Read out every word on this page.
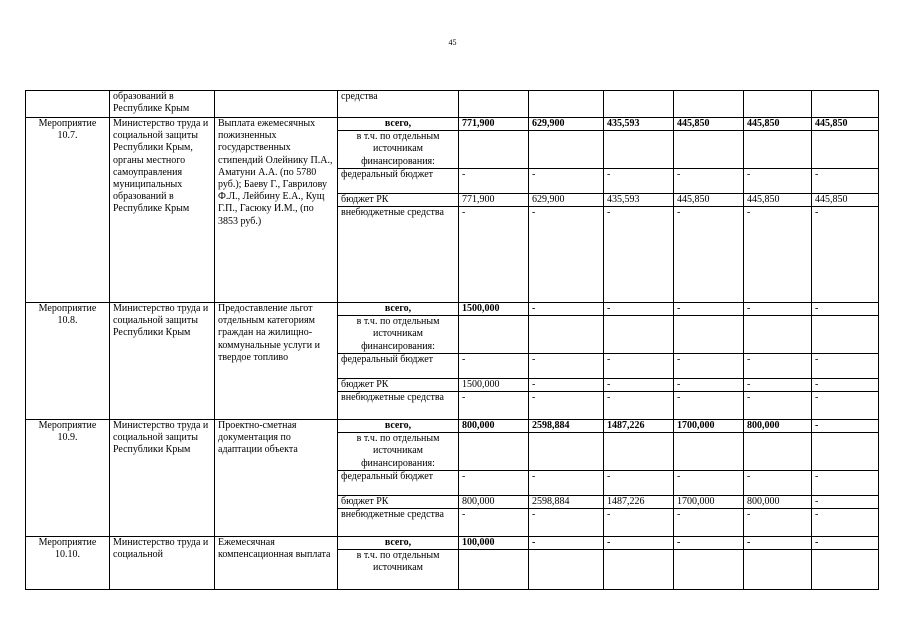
45
	образований в Республике Крым		средства						
Мероприятие 10.7.	Министерство труда и социальной защиты Республики Крым, органы местного самоуправления муниципальных образований в Республике Крым	Выплата ежемесячных пожизненных государственных стипендий Олейнику П.А., Аматуни А.А. (по 5780 руб.); Баеву Г., Гаврилову Ф.Л., Лейбину Е.А., Кущ Г.П., Гасюку И.М., (по 3853 руб.)	всего,	771,900	629,900	435,593	445,850	445,850	445,850
			в т.ч. по отдельным источникам финансирования:						
			федеральный бюджет	-	-	-	-	-	-
			бюджет РК	771,900	629,900	435,593	445,850	445,850	445,850
			внебюджетные средства	-	-	-	-	-	-
Мероприятие 10.8.	Министерство труда и социальной защиты Республики Крым	Предоставление льгот отдельным категориям граждан на жилищно-коммунальные услуги и твердое топливо	всего,	1500,000	-	-	-	-	-
			в т.ч. по отдельным источникам финансирования:						
			федеральный бюджет	-	-	-	-	-	-
			бюджет РК	1500,000	-	-	-	-	-
			внебюджетные средства	-	-	-	-	-	-
Мероприятие 10.9.	Министерство труда и социальной защиты Республики Крым	Проектно-сметная документация по адаптации объекта	всего,	800,000	2598,884	1487,226	1700,000	800,000	-
			в т.ч. по отдельным источникам финансирования:						
			федеральный бюджет	-	-	-	-	-	-
			бюджет РК	800,000	2598,884	1487,226	1700,000	800,000	-
			внебюджетные средства	-	-	-	-	-	-
Мероприятие 10.10.	Министерство труда и социальной	Ежемесячная компенсационная выплата	всего,	100,000	-	-	-	-	-
			в т.ч. по отдельным источникам						
